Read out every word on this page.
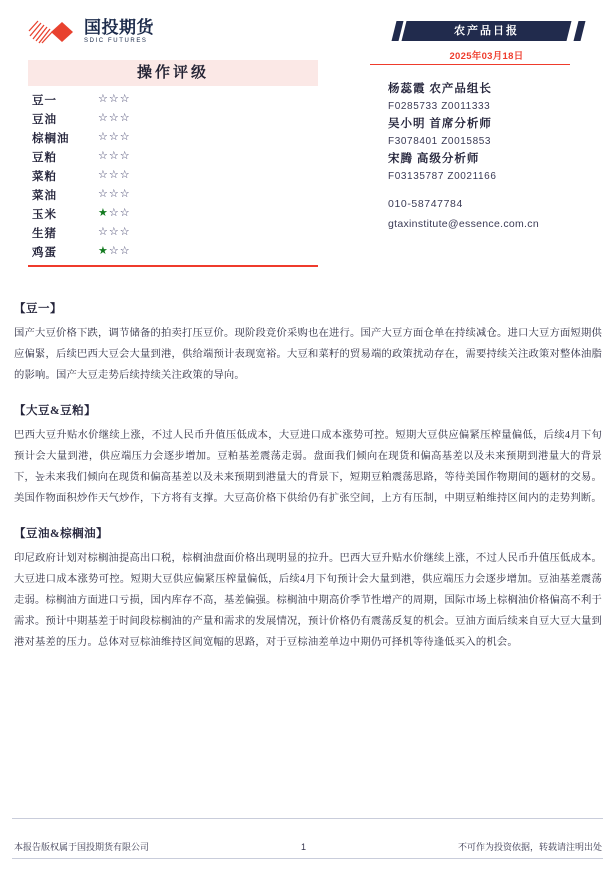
国投期货
SDIC FUTURES
农产品日报
2025年03月18日
杨蕊霞 农产品组长
F0285733 Z0011333
吴小明 首席分析师
F3078401 Z0015853
宋腾 高级分析师
F03135787 Z0021166
010-58747784
gtaxinstitute@essence.com.cn
操作评级
豆一	☆☆☆
豆油	☆☆☆
棕榈油	☆☆☆
豆粕	☆☆☆
菜粕	☆☆☆
菜油	☆☆☆
玉米	★☆☆
生猪	☆☆☆
鸡蛋	★☆☆
【豆一】
国产大豆价格下跌，调节储备的拍卖打压豆价。现阶段竞价采购也在进行。国产大豆方面仓单在持续减仓。进口大豆方面短期供应偏緊，后续巴西大豆会大量到港，供给端预计表现宽裕。大豆和菜籽的贸易端的政策扰动存在，需要持续关注政策对整体油脂的影响。国产大豆走势后续持续关注政策的导向。
【大豆&豆粕】
巴西大豆升贴水价继续上涨，不过人民币升值压低成本，大豆进口成本涨势可控。短期大豆供应偏紧压榨量偏低，后续4月下旬预计会大量到港，供应端压力会逐步增加。豆粕基差震荡走弱。盘面我们倾向在现货和偏高基差以及未来预期到港量大的背景下，높未来我们倾向在现货和偏高基差以及未来预期到港量大的背景下，短期豆粕震荡思路，等待美国作物期间的题材的交易。美国作物面积炒作天气炒作，下方将有支撑。大豆高价格下供给仍有扩张空间，上方有压制，中期豆粕维持区间内的走势判断。
【豆油&棕榈油】
印尼政府计划对棕榈油提高出口税，棕榈油盘面价格出现明显的拉升。巴西大豆升贴水价继续上涨，不过人民币升值压低成本。大豆进口成本涨势可控。短期大豆供应偏紧压榨量偏低，后续4月下旬预计会大量到港，供应端压力会逐步增加。豆油基差震荡走弱。棕榈油方面进口亏损，国内库存不高，基差偏强。棕榈油中期高价季节性增产的周期，国际市场上棕榈油价格偏高不利于需求。预计中期基差于时间段棕榈油的产量和需求的发展情况，预计价格仍有震荡反复的机会。豆油方面后续来自豆大豆大量到港对基差的压力。总体对豆棕油维持区间宽幅的思路，对于豆棕油差单边中期仍可择机等待逢低买入的机会。
本报告版权属于国投期货有限公司	1	不可作为投资依据，转载请注明出处
